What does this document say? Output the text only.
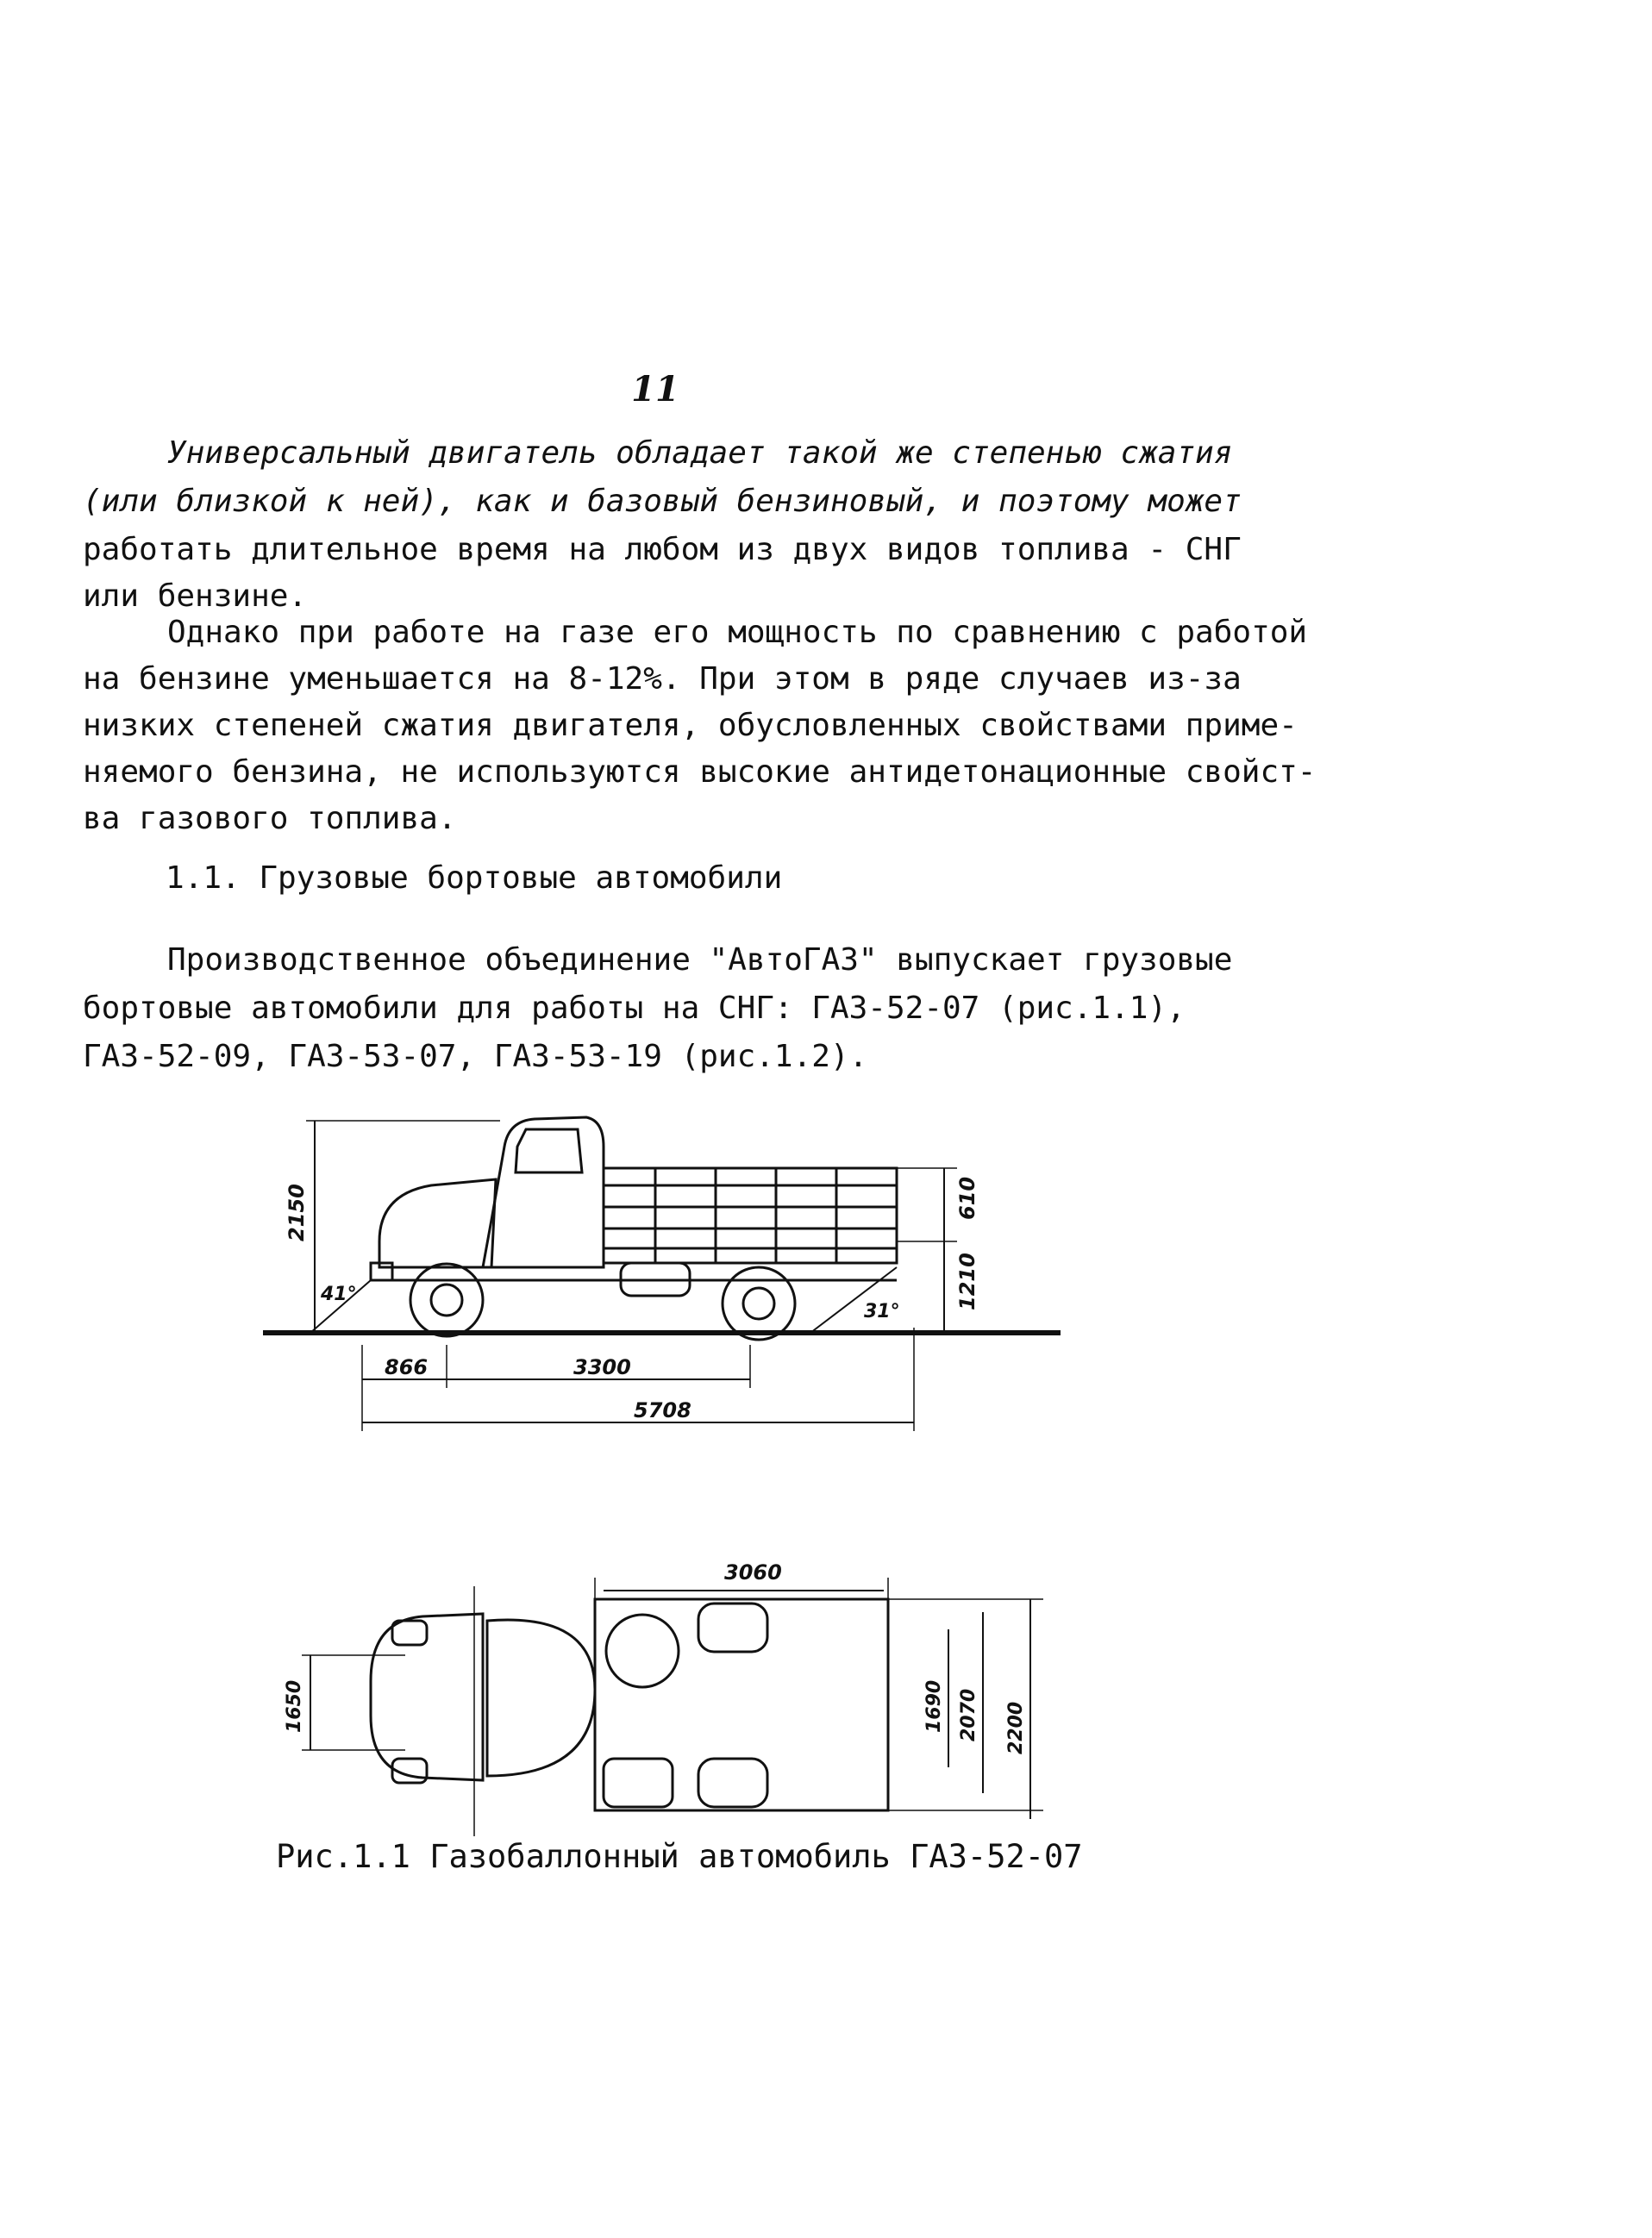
11

Универсальный двигатель обладает такой же степенью сжатия

(или близкой к ней), как и базовый бензиновый, и поэтому может

работать длительное время на любом из двух видов топлива - СНГ

или бензине.

Однако при работе на газе его мощность по сравнению с работой

на бензине уменьшается на 8-12%. При этом в ряде случаев из-за

низких степеней сжатия двигателя, обусловленных свойствами приме-

няемого бензина, не используются высокие антидетонационные свойст-

ва газового топлива.

1.1. Грузовые бортовые автомобили

Производственное объединение "АвтоГАЗ" выпускает грузовые

бортовые автомобили для работы на СНГ: ГАЗ-52-07 (рис.1.1),

ГАЗ-52-09, ГАЗ-53-07, ГАЗ-53-19 (рис.1.2).

2150	610
1210
41°
31°
866	3300
5708
3060
1650	1690 2070 2200

Рис.1.1 Газобаллонный автомобиль ГАЗ-52-07
